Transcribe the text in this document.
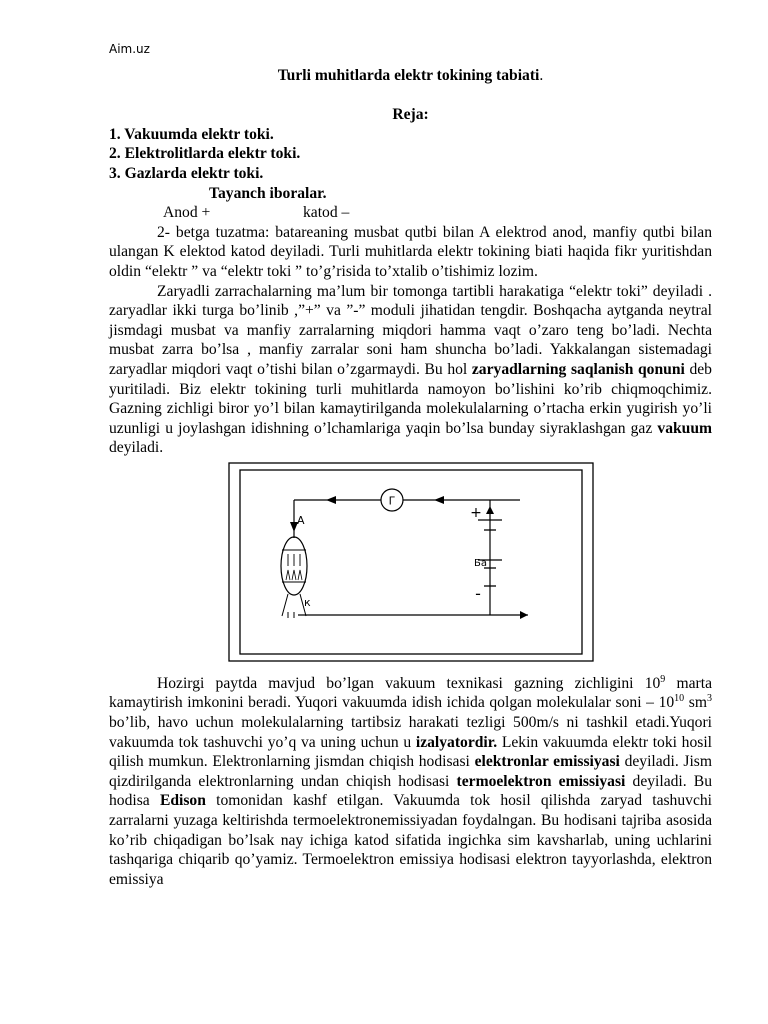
Aim.uz

Turli muhitlarda elektr tokining tabiati.

Reja:

1. Vakuumda elektr toki.

2. Elektrolitlarda elektr toki.

3. Gazlarda elektr toki.

Tayanch iboralar.

Anod +	katod –

2- betga tuzatma: batareaning musbat qutbi bilan A elektrod anod, manfiy qutbi bilan ulangan K elektod katod deyiladi. Turli muhitlarda elektr tokining biati haqida fikr yuritishdan oldin “elektr ” va “elektr toki ” to’g’risida to’xtalib o’tishimiz lozim.

Zaryadli zarrachalarning ma’lum bir tomonga tartibli harakatiga “elektr toki” deyiladi . zaryadlar ikki turga bo’linib ,”+” va ”-” moduli jihatidan tengdir. Boshqacha aytganda neytral jismdagi musbat va manfiy zarralarning miqdori hamma vaqt o’zaro teng bo’ladi. Nechta musbat zarra bo’lsa , manfiy zarralar soni ham shuncha bo’ladi. Yakkalangan sistemadagi zaryadlar miqdori vaqt o’tishi bilan o’zgarmaydi. Bu hol zaryadlarning saqlanish qonuni deb yuritiladi. Biz elektr tokining turli muhitlarda namoyon bo’lishini ko’rib chiqmoqchimiz. Gazning zichligi biror yo’l bilan kamaytirilganda molekulalarning o’rtacha erkin yugirish yo’li uzunligi u joylashgan idishning o’lchamlariga yaqin bo’lsa bunday siyraklashgan gaz vakuum deyiladi.

Г
A
к
+
Ба
-

Hozirgi paytda mavjud bo’lgan vakuum texnikasi gazning zichligini $10^9$ marta kamaytirish imkonini beradi. Yuqori vakuumda idish ichida qolgan molekulalar soni – $10^{10}$ $sm^3$ bo’lib, havo uchun molekulalarning tartibsiz harakati tezligi 500m/s ni tashkil etadi.Yuqori vakuumda tok tashuvchi yo’q va uning uchun u izalyatordir. Lekin vakuumda elektr toki hosil qilish mumkun. Elektronlarning jismdan chiqish hodisasi elektronlar emissiyasi deyiladi. Jism qizdirilganda elektronlarning undan chiqish hodisasi termoelektron emissiyasi deyiladi. Bu hodisa Edison tomonidan kashf etilgan. Vakuumda tok hosil qilishda zaryad tashuvchi zarralarni yuzaga keltirishda termoelektronemissiyadan foydalngan. Bu hodisani tajriba asosida ko’rib chiqadigan bo’lsak nay ichiga katod sifatida ingichka sim kavsharlab, uning uchlarini tashqariga chiqarib qo’yamiz. Termoelektron emissiya hodisasi elektron tayyorlashda, elektron emissiya
